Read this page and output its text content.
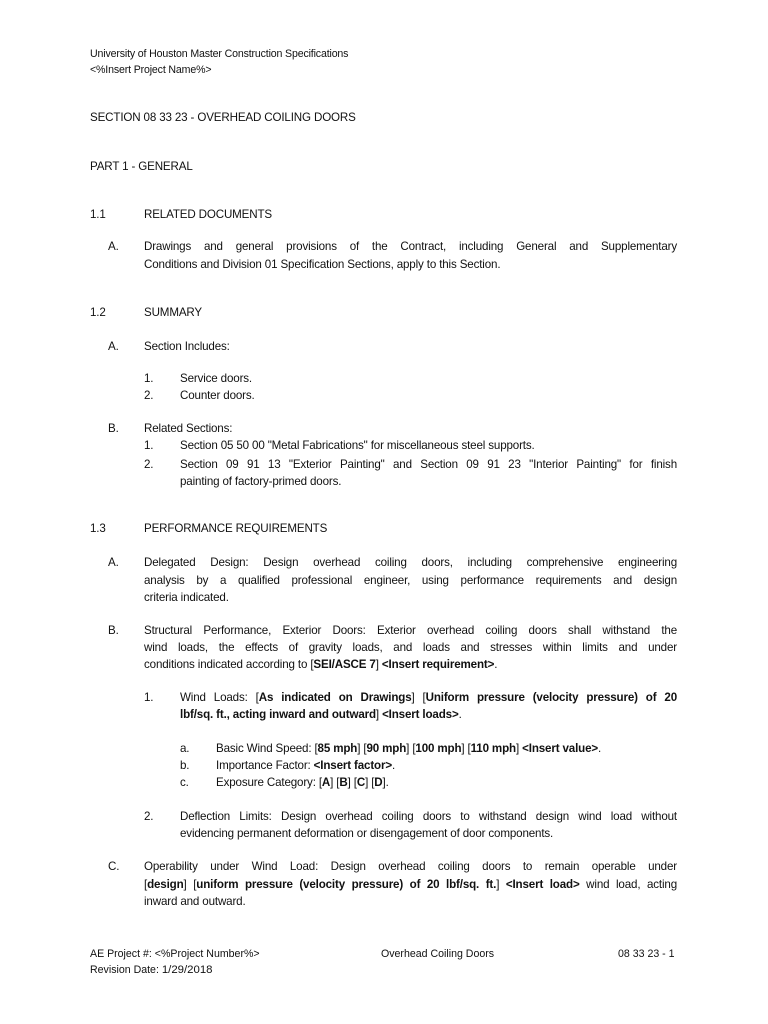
University of Houston Master Construction Specifications
<%Insert Project Name%>
SECTION 08 33 23 - OVERHEAD COILING DOORS
PART 1 - GENERAL
1.1	RELATED DOCUMENTS
A. Drawings and general provisions of the Contract, including General and Supplementary
Conditions and Division 01 Specification Sections, apply to this Section.
1.2	SUMMARY
A. Section Includes:
1. Service doors.
2. Counter doors.
B. Related Sections:
1. Section 05 50 00 "Metal Fabrications" for miscellaneous steel supports.
2. Section 09 91 13 "Exterior Painting" and Section 09 91 23 "Interior Painting" for finish
painting of factory-primed doors.
1.3	PERFORMANCE REQUIREMENTS
A. Delegated Design: Design overhead coiling doors, including comprehensive engineering
analysis by a qualified professional engineer, using performance requirements and design
criteria indicated.
B. Structural Performance, Exterior Doors: Exterior overhead coiling doors shall withstand the
wind loads, the effects of gravity loads, and loads and stresses within limits and under
conditions indicated according to [SEI/ASCE 7] <Insert requirement>.
1. Wind Loads: [As indicated on Drawings] [Uniform pressure (velocity pressure) of 20
lbf/sq. ft., acting inward and outward] <Insert loads>.
a. Basic Wind Speed: [85 mph] [90 mph] [100 mph] [110 mph] <Insert value>.
b. Importance Factor: <Insert factor>.
c. Exposure Category: [A] [B] [C] [D].
2. Deflection Limits: Design overhead coiling doors to withstand design wind load without
evidencing permanent deformation or disengagement of door components.
C. Operability under Wind Load: Design overhead coiling doors to remain operable under
[design] [uniform pressure (velocity pressure) of 20 lbf/sq. ft.] <Insert load> wind load, acting
inward and outward.
AE Project #: <%Project Number%>
Revision Date: 1/29/2018
Overhead Coiling Doors	08 33 23 - 1
